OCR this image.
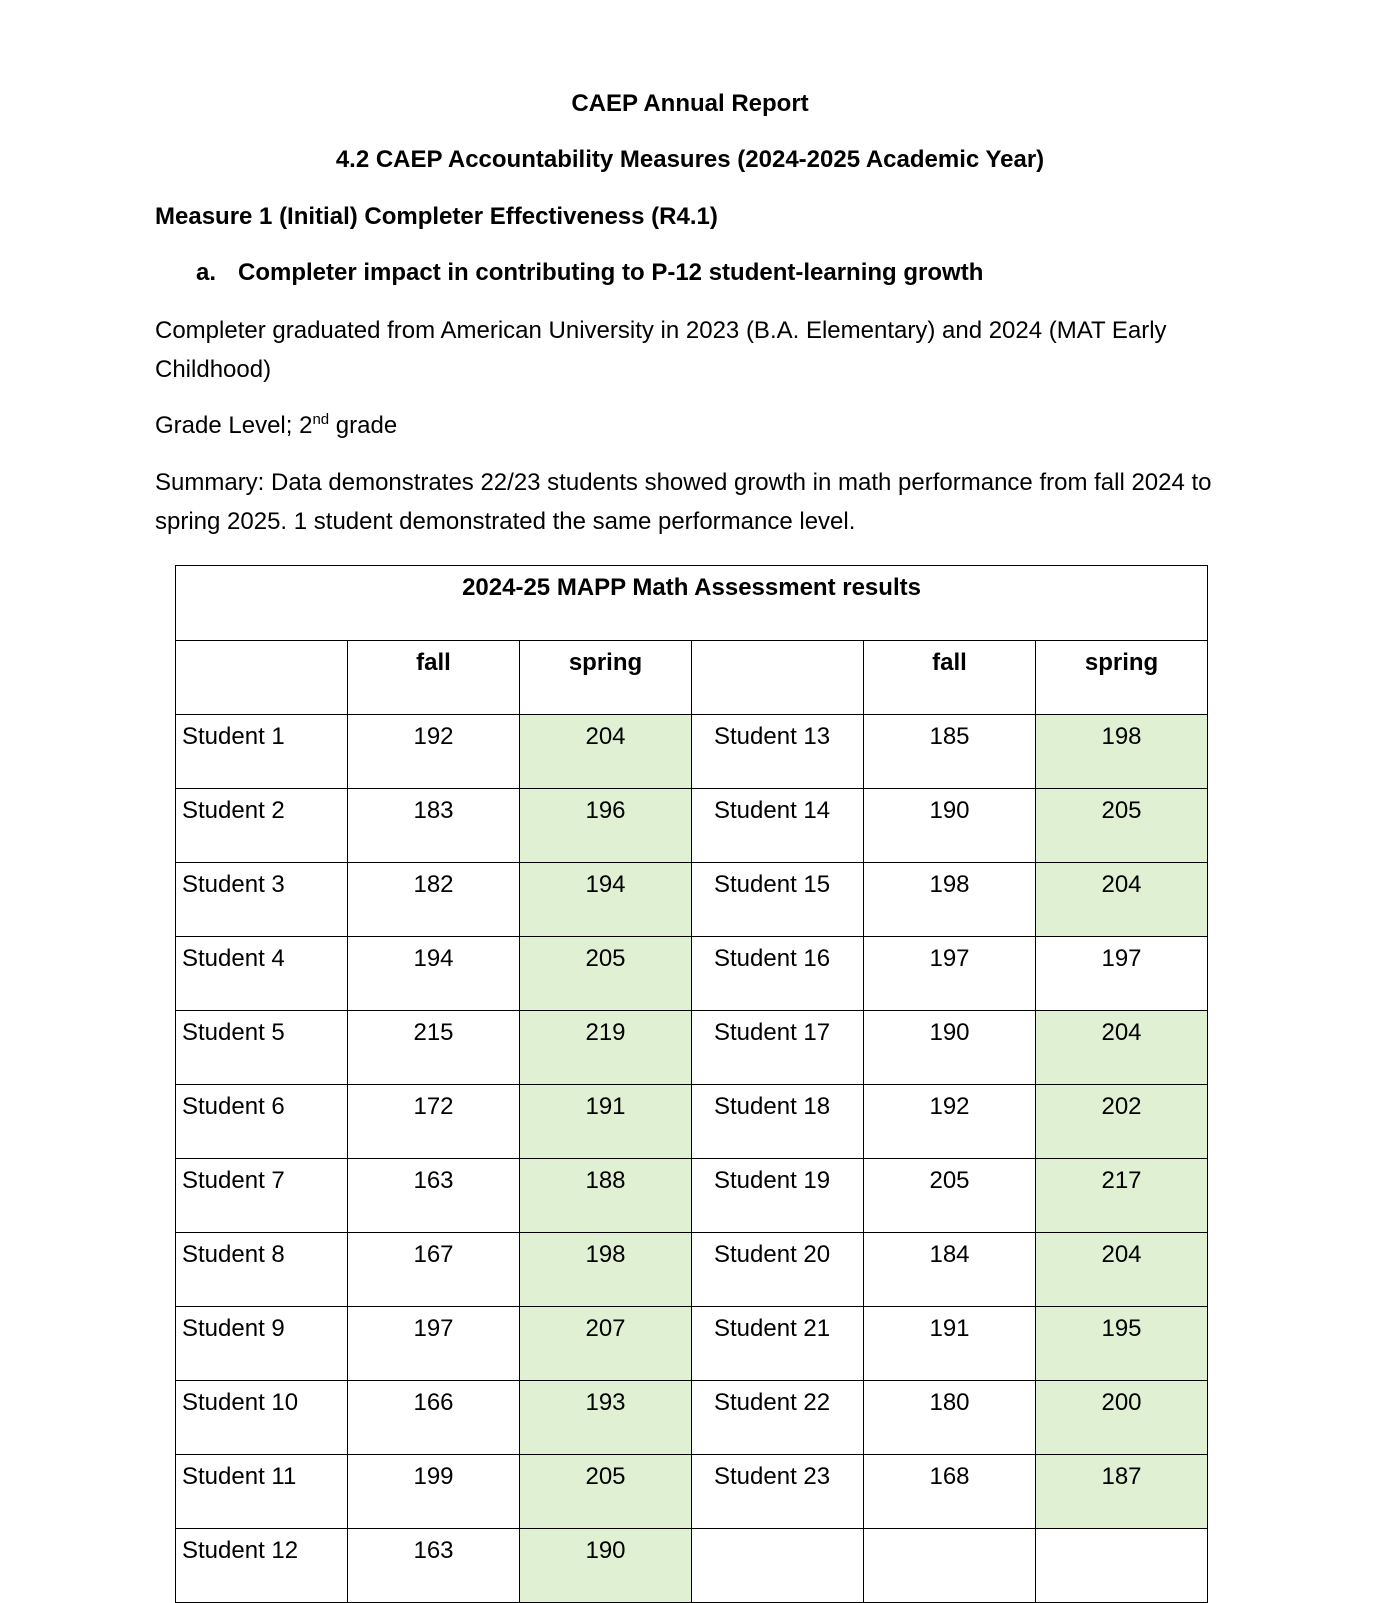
CAEP Annual Report
4.2 CAEP Accountability Measures (2024-2025 Academic Year)
Measure 1 (Initial) Completer Effectiveness (R4.1)
a. Completer impact in contributing to P-12 student-learning growth
Completer graduated from American University in 2023 (B.A. Elementary) and 2024 (MAT Early Childhood)
Grade Level; 2nd grade
Summary: Data demonstrates 22/23 students showed growth in math performance from fall 2024 to spring 2025. 1 student demonstrated the same performance level.
2024-25 MAPP Math Assessment results					
	fall	spring		fall	spring
Student 1	192	204	Student 13	185	198
Student 2	183	196	Student 14	190	205
Student 3	182	194	Student 15	198	204
Student 4	194	205	Student 16	197	197
Student 5	215	219	Student 17	190	204
Student 6	172	191	Student 18	192	202
Student 7	163	188	Student 19	205	217
Student 8	167	198	Student 20	184	204
Student 9	197	207	Student 21	191	195
Student 10	166	193	Student 22	180	200
Student 11	199	205	Student 23	168	187
Student 12	163	190			
